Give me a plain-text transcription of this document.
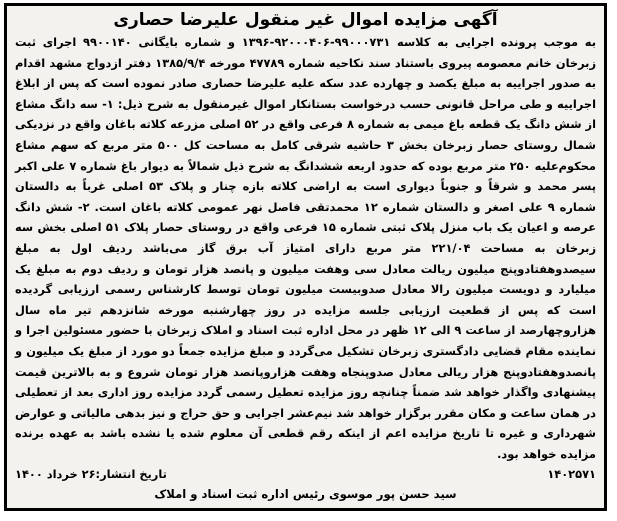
آگهی مزایده اموال غیر منقول علیرضا حصاری
به موجب پرونده اجرایی به کلاسه ۹۹۰۰۰۷۳۱-۹۲۰۰۰۴۰۶-۱۳۹۶ و شماره بایگانی ۹۹۰۰۱۴۰ اجرای ثبت زبرخان خانم معصومه پیروی باستناد سند نکاحیه شماره ۴۷۷۸۹ مورخه ۱۳۸۵/۹/۴ دفتر ازدواج مشهد اقدام به صدور اجراییه به مبلغ یکصد و چهارده عدد سکه علیه علیرضا حصاری صادر نموده است که پس از ابلاغ اجراییه و طی مراحل قانونی حسب درخواست بستانکار اموال غیرمنقول به شرح ذیل: ۱- سه دانگ مشاع از شش دانگ یک قطعه باغ میمی به شماره ۸ فرعی واقع در ۵۲ اصلی مزرعه کلاته باغان واقع در نزدیکی شمال روستای حصار زبرخان بخش ۳ حاشیه شرقی کامل به مساحت کل ۵۰۰ متر مربع که سهم مشاع محکوم‌علیه ۲۵۰ متر مربع بوده که حدود اربعه ششدانگ به شرح ذیل شمالاً به دیوار باغ شماره ۷ علی اکبر پسر محمد و شرقاً و جنوباً دیواری است به اراضی کلاته بازه چنار و پلاک ۵۳ اصلی غرباً به دالستان شماره ۹ علی اصغر و دالستان شماره ۱۲ محمدتقی فاصل نهر عمومی کلاته باغان است. ۲- شش دانگ عرصه و اعیان یک باب منزل پلاک ثبتی شماره ۱۵ فرعی واقع در روستای حصار پلاک ۵۱ اصلی بخش سه زبرخان به مساحت ۲۲۱/۰۴ متر مربع دارای امتیاز آب برق گاز می‌باشد ردیف اول به مبلغ سیصدوهفتادوپنج میلیون ریالت معادل سی وهفت میلیون و پانصد هزار تومان و ردیف دوم به مبلغ یک میلیارد و دویست میلیون رالا معادل صدوبیست میلیون تومان توسط کارشناس رسمی ارزیابی گردیده است که پس از قطعیت ارزیابی جلسه مزایده در روز چهارشنبه مورخه شانزدهم تیر ماه سال هزاروچهارصد از ساعت ۹ الی ۱۲ ظهر در محل اداره ثبت اسناد و املاک زبرخان با حضور مسئولین اجرا و نماینده مقام قضایی دادگستری زبرخان تشکیل می‌گردد و مبلغ مزایده جمعاً دو مورد از مبلغ یک میلیون و پانصدوهفتادوپنج هزار ریالی معادل صدوپنجاه وهفت هزاروپانصد هزار تومان شروع و به بالاترین قیمت پیشنهادی واگذار خواهد شد ضمناً چنانچه روز مزایده تعطیل رسمی گردد مزایده روز اداری بعد از تعطیلی در همان ساعت و مکان مقرر برگزار خواهد شد نیم‌عشر اجرایی و حق حراج و نیز بدهی مالیاتی و عوارض شهرداری و غیره تا تاریخ مزایده اعم از اینکه رقم قطعی آن معلوم شده یا نشده باشد به عهده برنده مزایده خواهد بود.
۱۴۰۲۵۷۱
تاریخ انتشار:۲۶ خرداد ۱۴۰۰
سید حسن پور موسوی رئیس اداره ثبت اسناد و املاک
